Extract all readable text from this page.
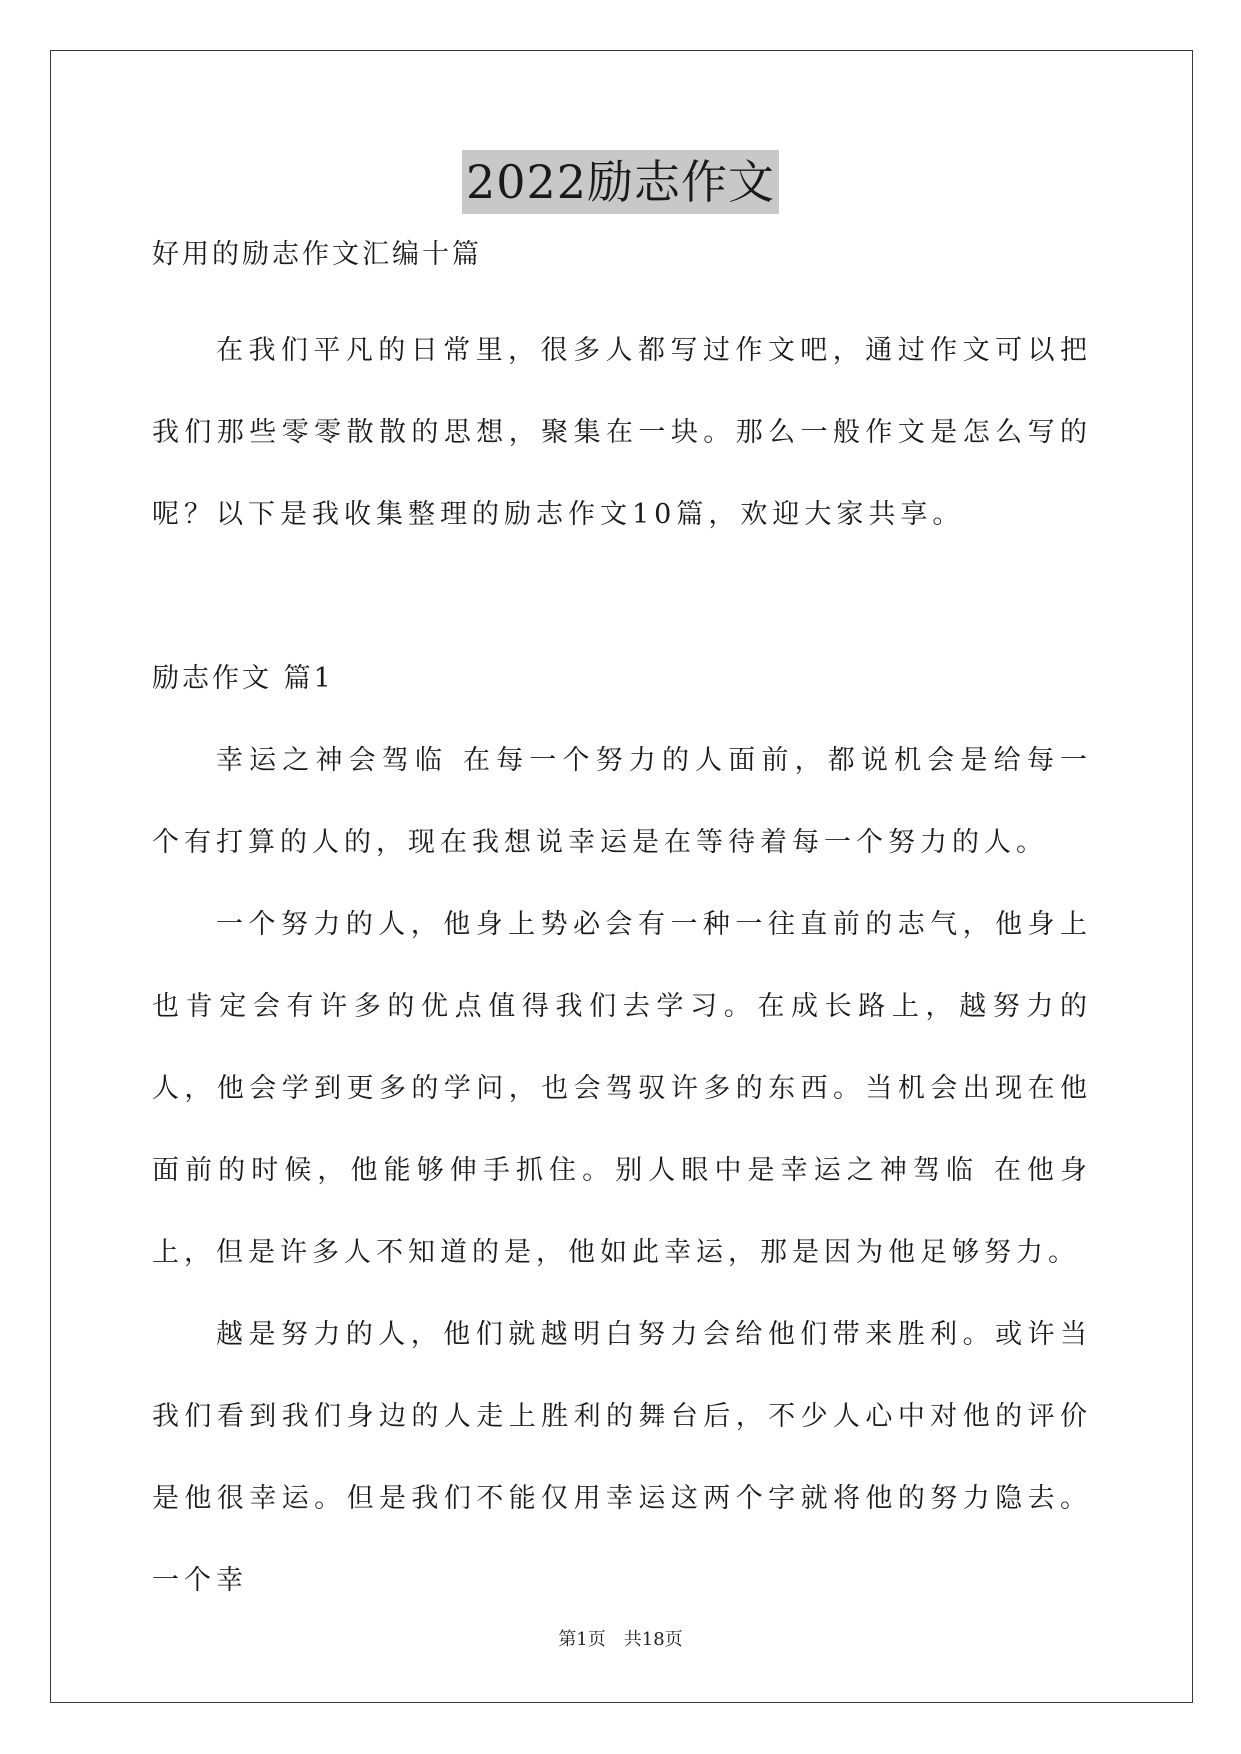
2022励志作文

好用的励志作文汇编十篇

在我们平凡的日常里，很多人都写过作文吧，通过作文可以把我们那些零零散散的思想，聚集在一块。那么一般作文是怎么写的呢？以下是我收集整理的励志作文10篇，欢迎大家共享。

励志作文 篇1

幸运之神会驾临 在每一个努力的人面前，都说机会是给每一个有打算的人的，现在我想说幸运是在等待着每一个努力的人。

一个努力的人，他身上势必会有一种一往直前的志气，他身上也肯定会有许多的优点值得我们去学习。在成长路上，越努力的人，他会学到更多的学问，也会驾驭许多的东西。当机会出现在他面前的时候，他能够伸手抓住。别人眼中是幸运之神驾临 在他身上，但是许多人不知道的是，他如此幸运，那是因为他足够努力。

越是努力的人，他们就越明白努力会给他们带来胜利。或许当我们看到我们身边的人走上胜利的舞台后，不少人心中对他的评价是他很幸运。但是我们不能仅用幸运这两个字就将他的努力隐去。一个幸

第1页 共18页
